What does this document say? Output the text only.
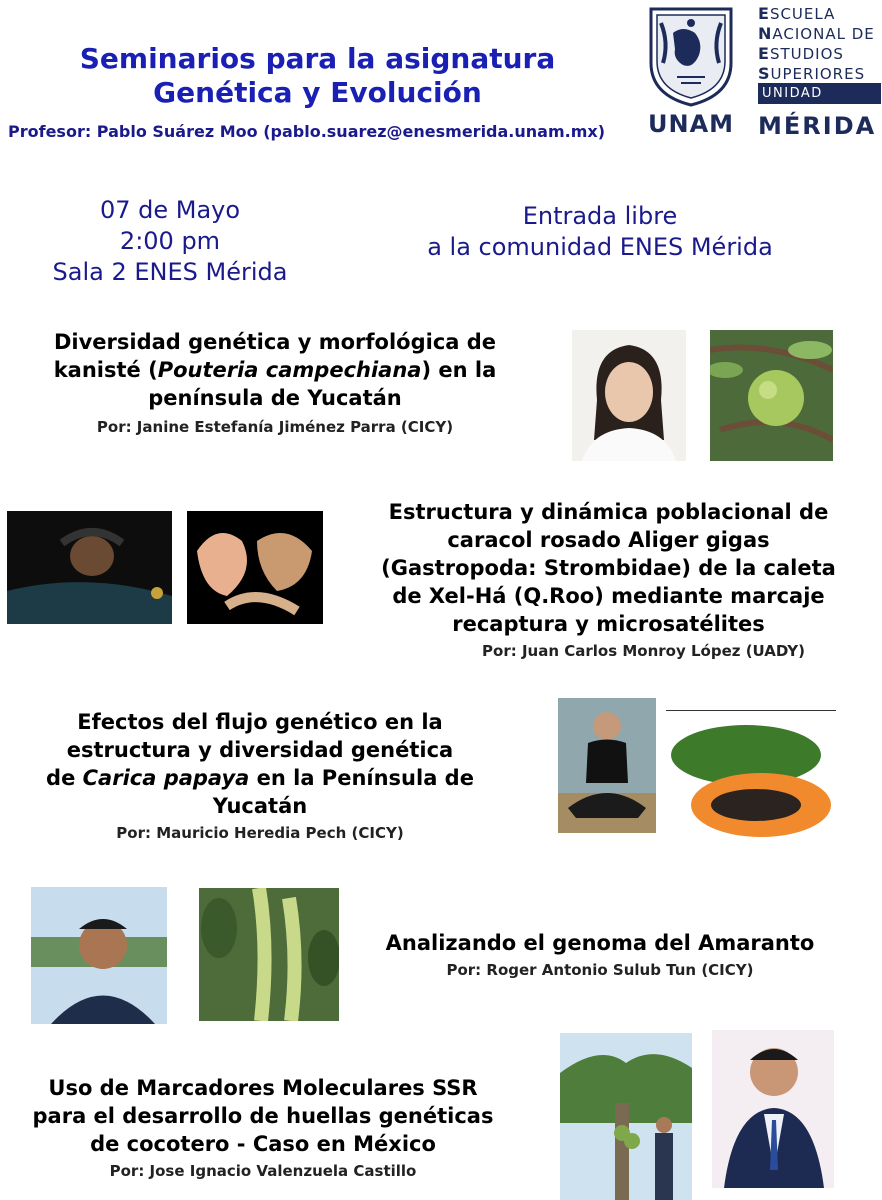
Seminarios para la asignatura
Genética y Evolución
Profesor: Pablo Suárez Moo (pablo.suarez@enesmerida.unam.mx) UNAM
ESCUELA
NACIONAL DE
ESTUDIOS
SUPERIORES
UNIDAD
MÉRIDA
07 de Mayo
2:00 pm
Sala 2 ENES Mérida
Entrada libre
a la comunidad ENES Mérida
Diversidad genética y morfológica de
kanisté (Pouteria campechiana) en la
península de Yucatán
Por: Janine Estefanía Jiménez Parra (CICY)
Estructura y dinámica poblacional de
caracol rosado Aliger gigas
(Gastropoda: Strombidae) de la caleta
de Xel-Há (Q.Roo) mediante marcaje
recaptura y microsatélites
Por: Juan Carlos Monroy López (UADY)
Efectos del flujo genético en la
estructura y diversidad genética
de Carica papaya en la Península de
Yucatán
Por: Mauricio Heredia Pech (CICY)
Analizando el genoma del Amaranto
Por: Roger Antonio Sulub Tun (CICY)
Uso de Marcadores Moleculares SSR
para el desarrollo de huellas genéticas
de cocotero - Caso en México
Por: Jose Ignacio Valenzuela Castillo
